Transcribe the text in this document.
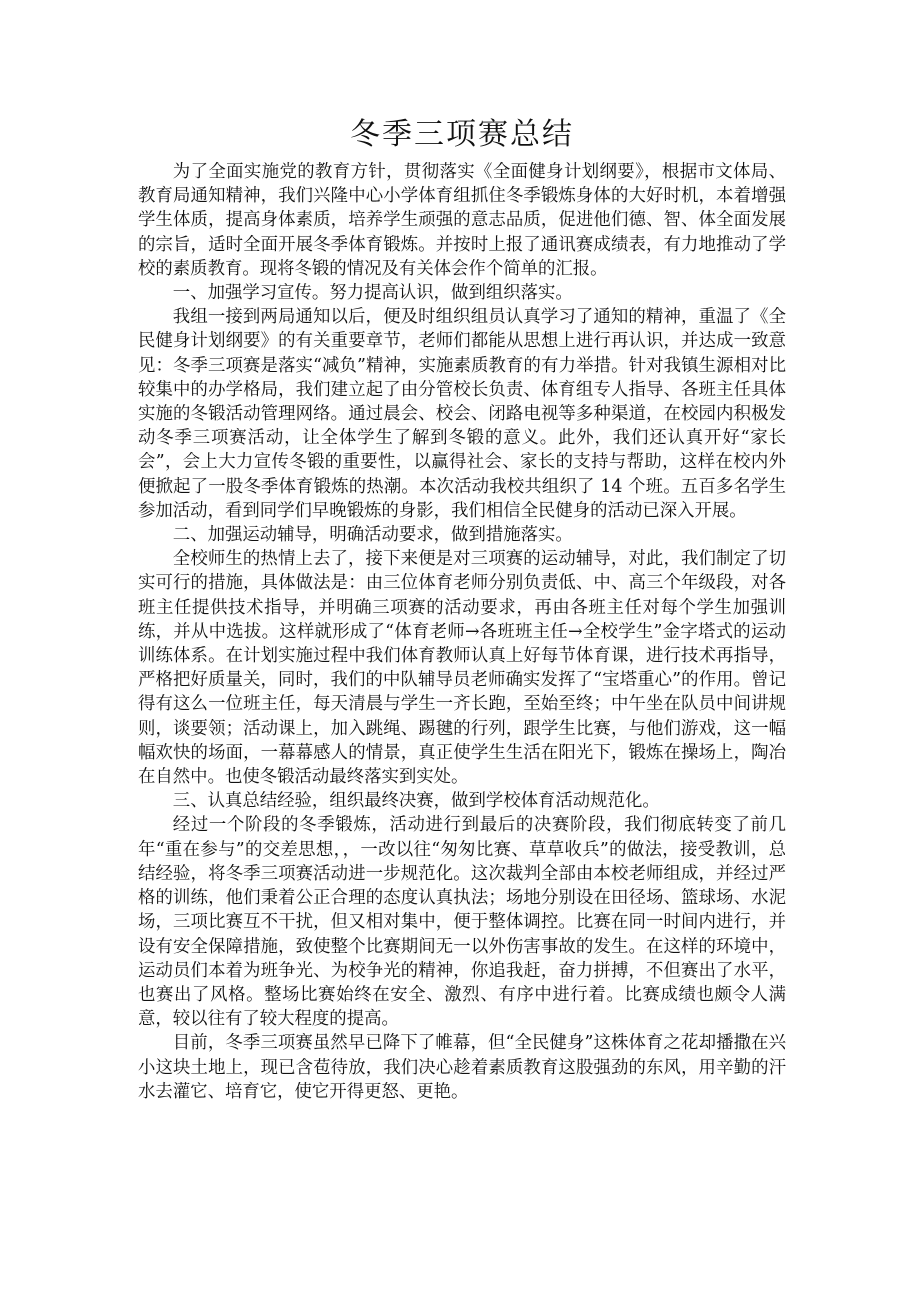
冬季三项赛总结

为了全面实施党的教育方针，贯彻落实《全面健身计划纲要》，根据市文体局、教育局通知精神，我们兴隆中心小学体育组抓住冬季锻炼身体的大好时机，本着增强学生体质，提高身体素质，培养学生顽强的意志品质，促进他们德、智、体全面发展的宗旨，适时全面开展冬季体育锻炼。并按时上报了通讯赛成绩表，有力地推动了学校的素质教育。现将冬锻的情况及有关体会作个简单的汇报。

一、加强学习宣传。努力提高认识，做到组织落实。

我组一接到两局通知以后，便及时组织组员认真学习了通知的精神，重温了《全民健身计划纲要》的有关重要章节，老师们都能从思想上进行再认识，并达成一致意见：冬季三项赛是落实“减负”精神，实施素质教育的有力举措。针对我镇生源相对比较集中的办学格局，我们建立起了由分管校长负责、体育组专人指导、各班主任具体实施的冬锻活动管理网络。通过晨会、校会、闭路电视等多种渠道，在校园内积极发动冬季三项赛活动，让全体学生了解到冬锻的意义。此外，我们还认真开好“家长会”，会上大力宣传冬锻的重要性，以赢得社会、家长的支持与帮助，这样在校内外便掀起了一股冬季体育锻炼的热潮。本次活动我校共组织了 14 个班。五百多名学生参加活动，看到同学们早晚锻炼的身影，我们相信全民健身的活动已深入开展。

二、加强运动辅导，明确活动要求，做到措施落实。

全校师生的热情上去了，接下来便是对三项赛的运动辅导，对此，我们制定了切实可行的措施，具体做法是：由三位体育老师分别负责低、中、高三个年级段，对各班主任提供技术指导，并明确三项赛的活动要求，再由各班主任对每个学生加强训练，并从中选拔。这样就形成了“体育老师→各班班主任→全校学生”金字塔式的运动训练体系。在计划实施过程中我们体育教师认真上好每节体育课，进行技术再指导，严格把好质量关，同时，我们的中队辅导员老师确实发挥了“宝塔重心”的作用。曾记得有这么一位班主任，每天清晨与学生一齐长跑，至始至终；中午坐在队员中间讲规则，谈要领；活动课上，加入跳绳、踢毽的行列，跟学生比赛，与他们游戏，这一幅幅欢快的场面，一幕幕感人的情景，真正使学生生活在阳光下，锻炼在操场上，陶冶在自然中。也使冬锻活动最终落实到实处。

三、认真总结经验，组织最终决赛，做到学校体育活动规范化。

经过一个阶段的冬季锻炼，活动进行到最后的决赛阶段，我们彻底转变了前几年“重在参与”的交差思想，，一改以往“匆匆比赛、草草收兵”的做法，接受教训，总结经验，将冬季三项赛活动进一步规范化。这次裁判全部由本校老师组成，并经过严格的训练，他们秉着公正合理的态度认真执法；场地分别设在田径场、篮球场、水泥场，三项比赛互不干扰，但又相对集中，便于整体调控。比赛在同一时间内进行，并设有安全保障措施，致使整个比赛期间无一以外伤害事故的发生。在这样的环境中，运动员们本着为班争光、为校争光的精神，你追我赶，奋力拼搏，不但赛出了水平，也赛出了风格。整场比赛始终在安全、激烈、有序中进行着。比赛成绩也颇令人满意，较以往有了较大程度的提高。

目前，冬季三项赛虽然早已降下了帷幕，但“全民健身”这株体育之花却播撒在兴小这块土地上，现已含苞待放，我们决心趁着素质教育这股强劲的东风，用辛勤的汗水去灌它、培育它，使它开得更怒、更艳。
